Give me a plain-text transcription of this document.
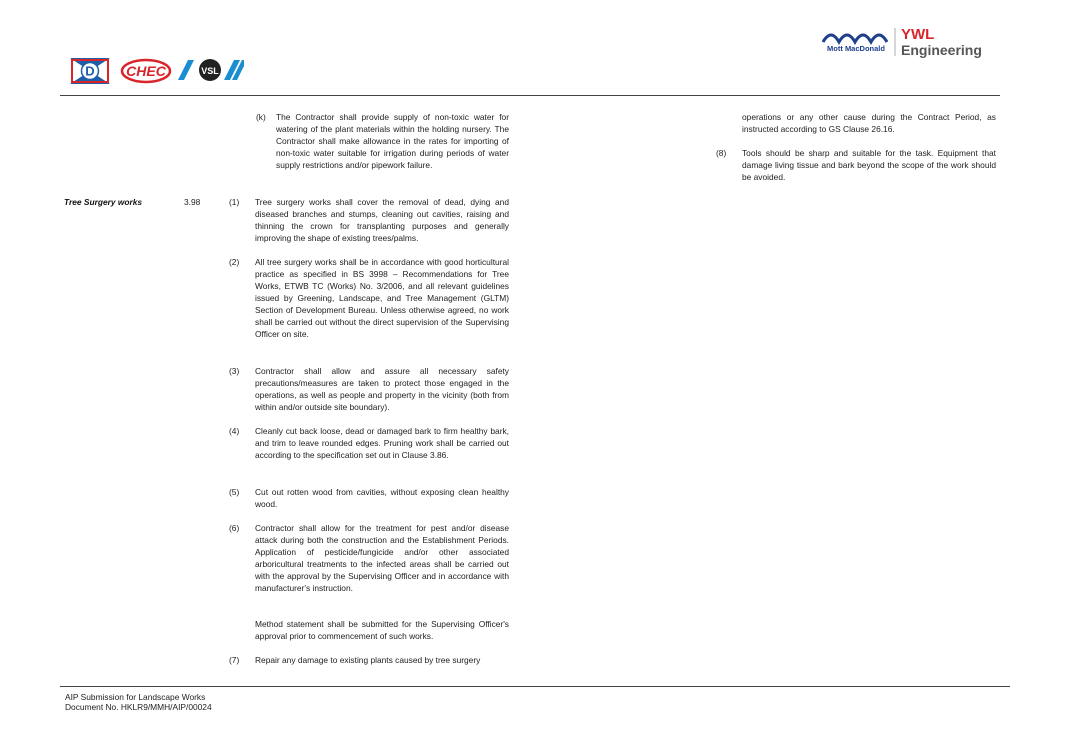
D CHEC	VSL
Mott MacDonald
YWL
Engineering
Tree Surgery works	3.98
(k) The Contractor shall provide supply of non-toxic water for watering of the plant materials within the holding nursery. The Contractor shall make allowance in the rates for importing of non-toxic water suitable for irrigation during periods of water supply restrictions and/or pipework failure.
(1) Tree surgery works shall cover the removal of dead, dying and diseased branches and stumps, cleaning out cavities, raising and thinning the crown for transplanting purposes and generally improving the shape of existing trees/palms.
(2) All tree surgery works shall be in accordance with good horticultural practice as specified in BS 3998 – Recommendations for Tree Works, ETWB TC (Works) No. 3/2006, and all relevant guidelines issued by Greening, Landscape, and Tree Management (GLTM) Section of Development Bureau. Unless otherwise agreed, no work shall be carried out without the direct supervision of the Supervising Officer on site.
(3) Contractor shall allow and assure all necessary safety precautions/measures are taken to protect those engaged in the operations, as well as people and property in the vicinity (both from within and/or outside site boundary).
(4) Cleanly cut back loose, dead or damaged bark to firm healthy bark, and trim to leave rounded edges. Pruning work shall be carried out according to the specification set out in Clause 3.86.
(5) Cut out rotten wood from cavities, without exposing clean healthy wood.
(6) Contractor shall allow for the treatment for pest and/or disease attack during both the construction and the Establishment Periods. Application of pesticide/fungicide and/or other associated arboricultural treatments to the infected areas shall be carried out with the approval by the Supervising Officer and in accordance with manufacturer's instruction.
Method statement shall be submitted for the Supervising Officer's approval prior to commencement of such works.
(7) Repair any damage to existing plants caused by tree surgery
operations or any other cause during the Contract Period, as instructed according to GS Clause 26.16.
(8) Tools should be sharp and suitable for the task. Equipment that damage living tissue and bark beyond the scope of the work should be avoided.
AIP Submission for Landscape Works
Document No. HKLR9/MMH/AIP/00024
